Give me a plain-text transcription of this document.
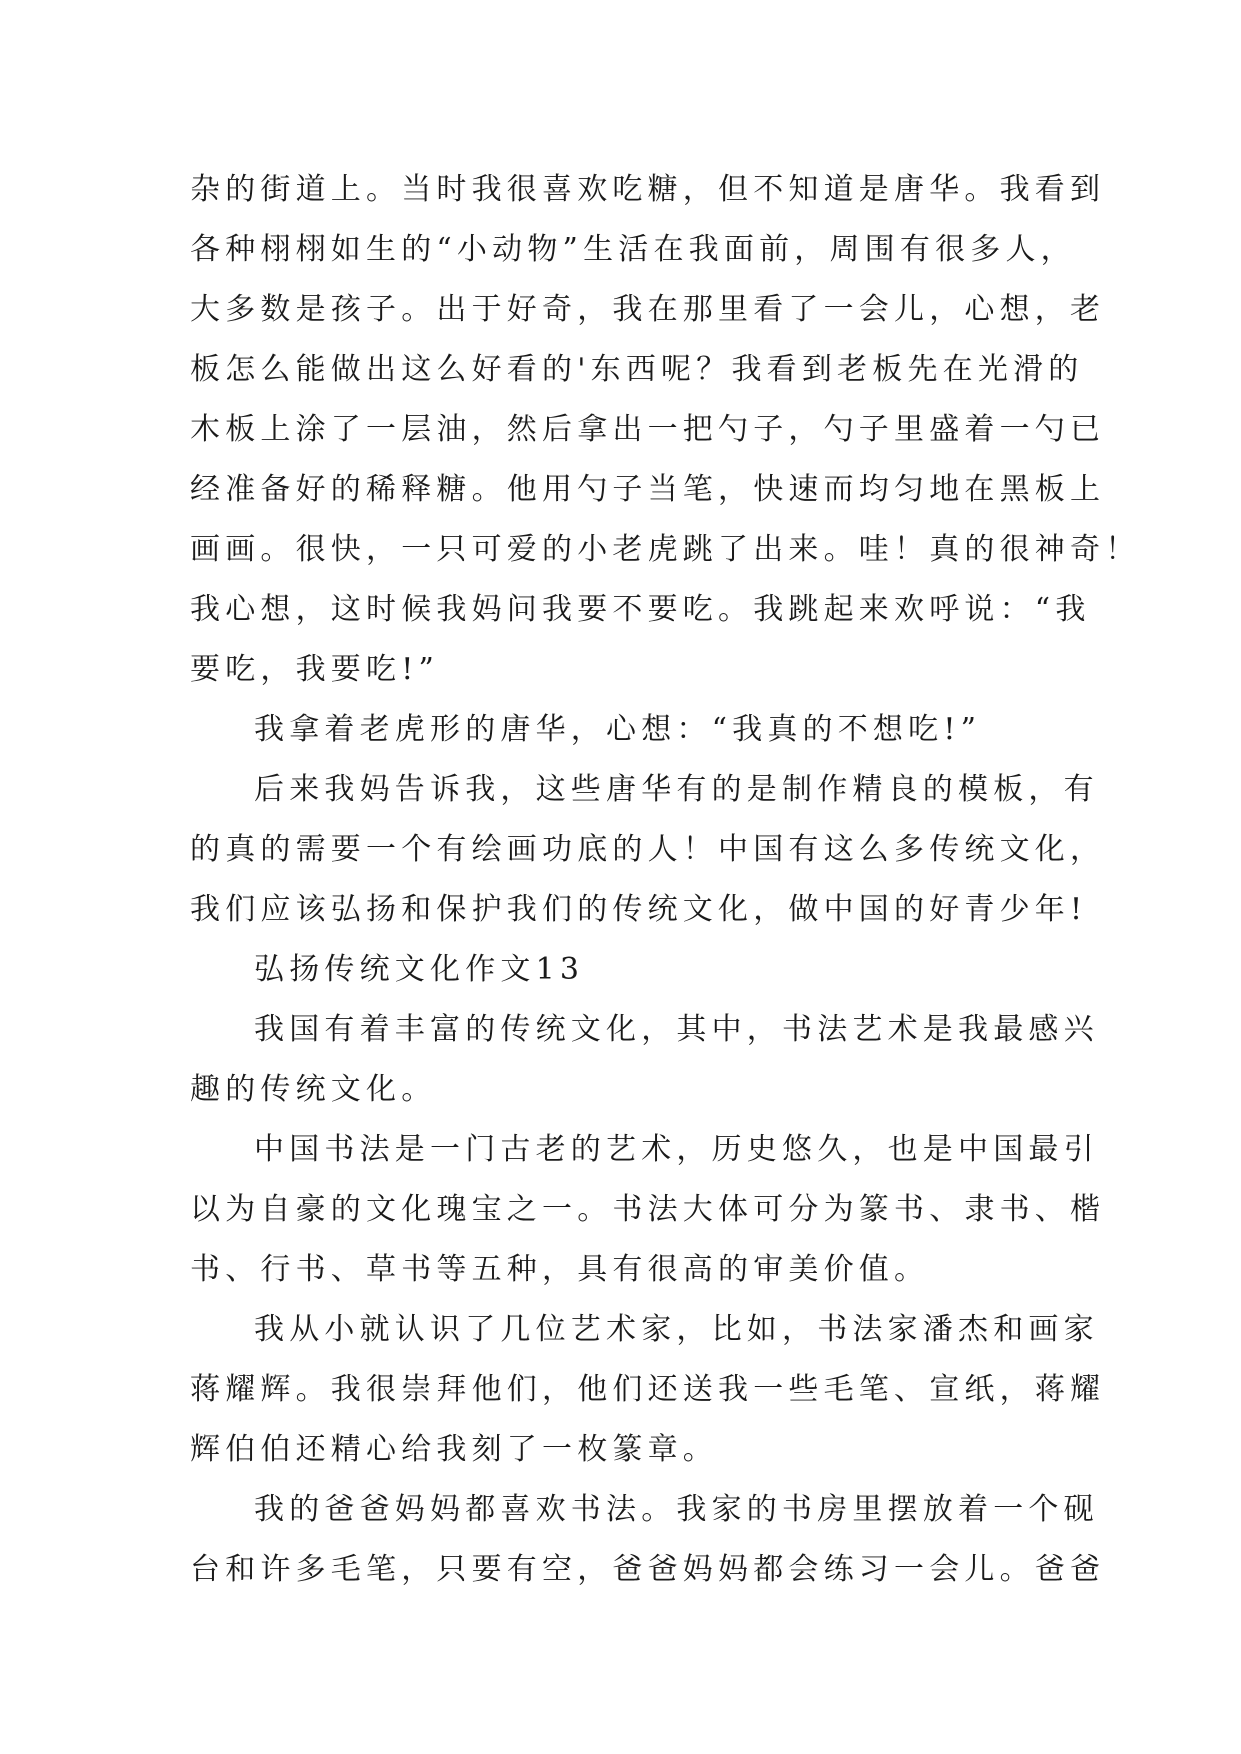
杂的街道上。当时我很喜欢吃糖，但不知道是唐华。我看到
各种栩栩如生的“小动物”生活在我面前，周围有很多人，
大多数是孩子。出于好奇，我在那里看了一会儿，心想，老
板怎么能做出这么好看的'东西呢？我看到老板先在光滑的
木板上涂了一层油，然后拿出一把勺子，勺子里盛着一勺已
经准备好的稀释糖。他用勺子当笔，快速而均匀地在黑板上
画画。很快，一只可爱的小老虎跳了出来。哇！真的很神奇！
我心想，这时候我妈问我要不要吃。我跳起来欢呼说：“我
要吃，我要吃!”
我拿着老虎形的唐华，心想：“我真的不想吃!”
后来我妈告诉我，这些唐华有的是制作精良的模板，有
的真的需要一个有绘画功底的人！中国有这么多传统文化，
我们应该弘扬和保护我们的传统文化，做中国的好青少年!
弘扬传统文化作文13
我国有着丰富的传统文化，其中，书法艺术是我最感兴
趣的传统文化。
中国书法是一门古老的艺术，历史悠久，也是中国最引
以为自豪的文化瑰宝之一。书法大体可分为篆书、隶书、楷
书、行书、草书等五种，具有很高的审美价值。
我从小就认识了几位艺术家，比如，书法家潘杰和画家
蒋耀辉。我很崇拜他们，他们还送我一些毛笔、宣纸，蒋耀
辉伯伯还精心给我刻了一枚篆章。
我的爸爸妈妈都喜欢书法。我家的书房里摆放着一个砚
台和许多毛笔，只要有空，爸爸妈妈都会练习一会儿。爸爸
